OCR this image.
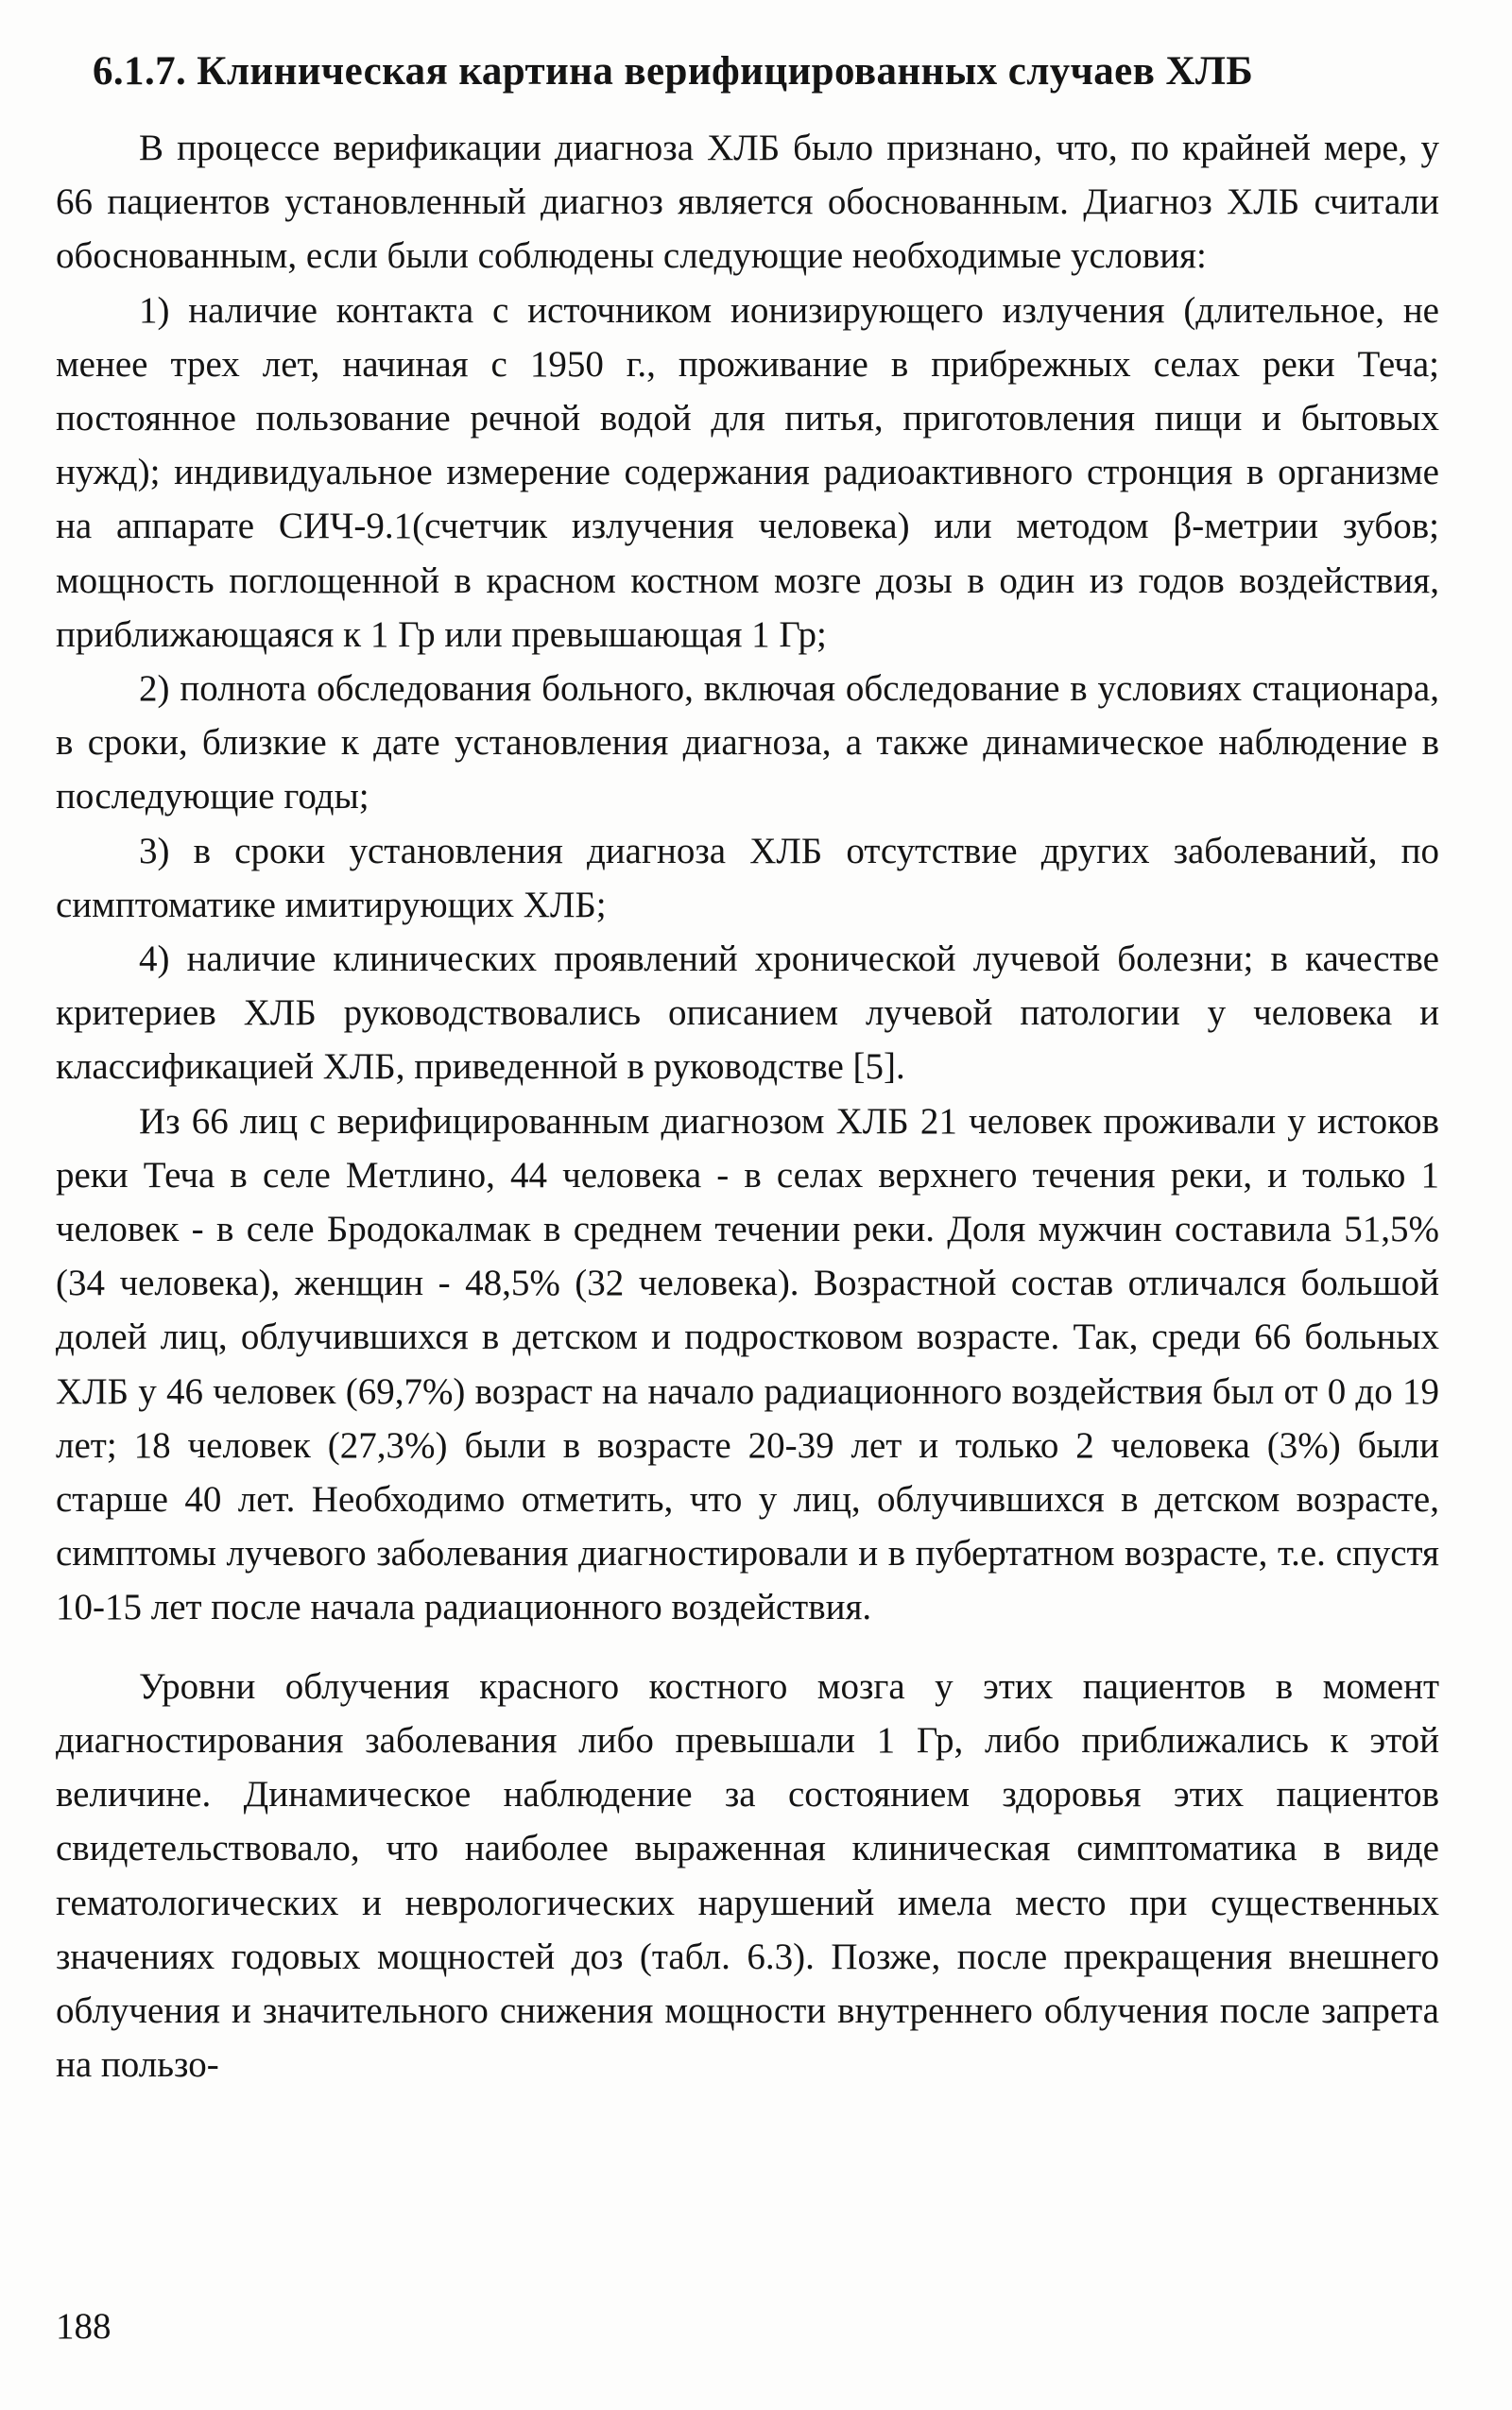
6.1.7. Клиническая картина верифицированных случаев ХЛБ

В процессе верификации диагноза ХЛБ было признано, что, по крайней мере, у 66 пациентов установленный диагноз является обоснованным. Диагноз ХЛБ считали обоснованным, если были соблюдены следующие необходимые условия:

1) наличие контакта с источником ионизирующего излучения (длительное, не менее трех лет, начиная с 1950 г., проживание в прибрежных селах реки Теча; постоянное пользование речной водой для питья, приготовления пищи и бытовых нужд); индивидуальное измерение содержания радиоактивного стронция в организме на аппарате СИЧ-9.1(счетчик излучения человека) или методом β-метрии зубов; мощность поглощенной в красном костном мозге дозы в один из годов воздействия, приближающаяся к 1 Гр или превышающая 1 Гр;

2) полнота обследования больного, включая обследование в условиях стационара, в сроки, близкие к дате установления диагноза, а также динамическое наблюдение в последующие годы;

3) в сроки установления диагноза ХЛБ отсутствие других заболеваний, по симптоматике имитирующих ХЛБ;

4) наличие клинических проявлений хронической лучевой болезни; в качестве критериев ХЛБ руководствовались описанием лучевой патологии у человека и классификацией ХЛБ, приведенной в руководстве [5].

Из 66 лиц с верифицированным диагнозом ХЛБ 21 человек проживали у истоков реки Теча в селе Метлино, 44 человека - в селах верхнего течения реки, и только 1 человек - в селе Бродокалмак в среднем течении реки. Доля мужчин составила 51,5% (34 человека), женщин - 48,5% (32 человека). Возрастной состав отличался большой долей лиц, облучившихся в детском и подростковом возрасте. Так, среди 66 больных ХЛБ у 46 человек (69,7%) возраст на начало радиационного воздействия был от 0 до 19 лет; 18 человек (27,3%) были в возрасте 20-39 лет и только 2 человека (3%) были старше 40 лет. Необходимо отметить, что у лиц, облучившихся в детском возрасте, симптомы лучевого заболевания диагностировали и в пубертатном возрасте, т.е. спустя 10-15 лет после начала радиационного воздействия.

Уровни облучения красного костного мозга у этих пациентов в момент диагностирования заболевания либо превышали 1 Гр, либо приближались к этой величине. Динамическое наблюдение за состоянием здоровья этих пациентов свидетельствовало, что наиболее выраженная клиническая симптоматика в виде гематологических и неврологических нарушений имела место при существенных значениях годовых мощностей доз (табл. 6.3). Позже, после прекращения внешнего облучения и значительного снижения мощности внутреннего облучения после запрета на пользо-

188
